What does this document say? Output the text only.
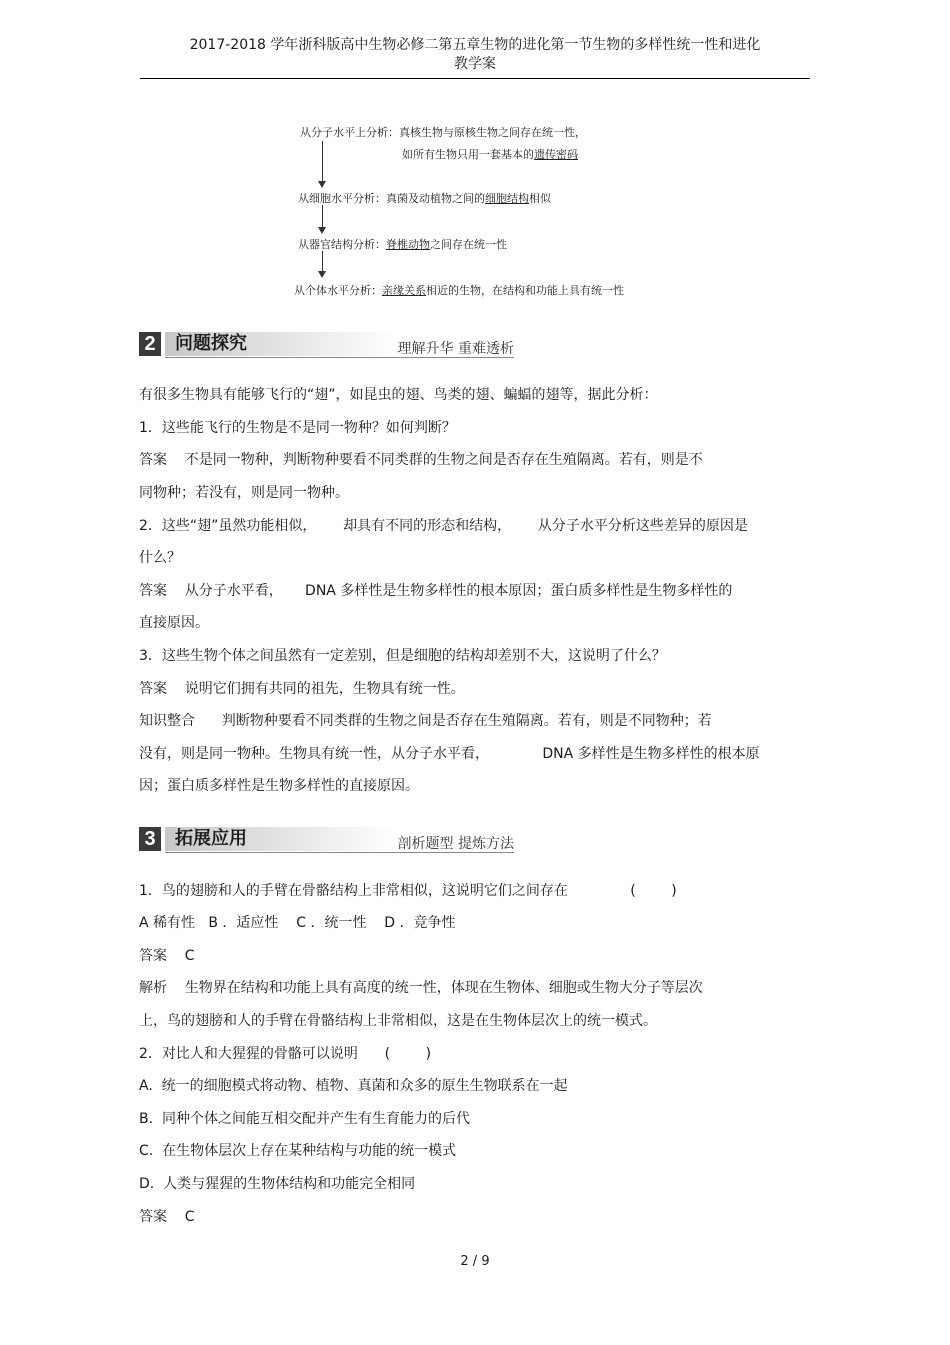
2017-2018 学年浙科版高中生物必修二第五章生物的进化第一节生物的多样性统一性和进化
教学案
从分子水平上分析：真核生物与原核生物之间存在统一性，
如所有生物只用一套基本的遗传密码
从细胞水平分析：真菌及动植物之间的细胞结构相似
从器官结构分析：脊椎动物之间存在统一性
从个体水平分析：亲缘关系相近的生物，在结构和功能上具有统一性
2	问题探究	理解升华 重难透析
有很多生物具有能够飞行的“翅”，如昆虫的翅、鸟类的翅、蝙蝠的翅等，据此分析：
1．这些能飞行的生物是不是同一物种？如何判断？
答案    不是同一物种，判断物种要看不同类群的生物之间是否存在生殖隔离。若有，则是不
同物种；若没有，则是同一物种。
2．这些“翅”虽然功能相似，      却具有不同的形态和结构，      从分子水平分析这些差异的原因是
什么？
答案    从分子水平看，     DNA 多样性是生物多样性的根本原因；蛋白质多样性是生物多样性的
直接原因。
3．这些生物个体之间虽然有一定差别，但是细胞的结构却差别不大，这说明了什么？
答案    说明它们拥有共同的祖先，生物具有统一性。
知识整合      判断物种要看不同类群的生物之间是否存在生殖隔离。若有，则是不同物种；若
没有，则是同一物种。生物具有统一性，从分子水平看，            DNA 多样性是生物多样性的根本原
因；蛋白质多样性是生物多样性的直接原因。
3	拓展应用	剖析题型 提炼方法
1．鸟的翅膀和人的手臂在骨骼结构上非常相似，这说明它们之间存在              (        )
A 稀有性   B ．适应性    C ．统一性    D ．竞争性
答案    C
解析    生物界在结构和功能上具有高度的统一性，体现在生物体、细胞或生物大分子等层次
上，鸟的翅膀和人的手臂在骨骼结构上非常相似，这是在生物体层次上的统一模式。
2．对比人和大猩猩的骨骼可以说明      (        )
A.  统一的细胞模式将动物、植物、真菌和众多的原生生物联系在一起
B.  同种个体之间能互相交配并产生有生育能力的后代
C.  在生物体层次上存在某种结构与功能的统一模式
D.  人类与猩猩的生物体结构和功能完全相同
答案    C
2 / 9
